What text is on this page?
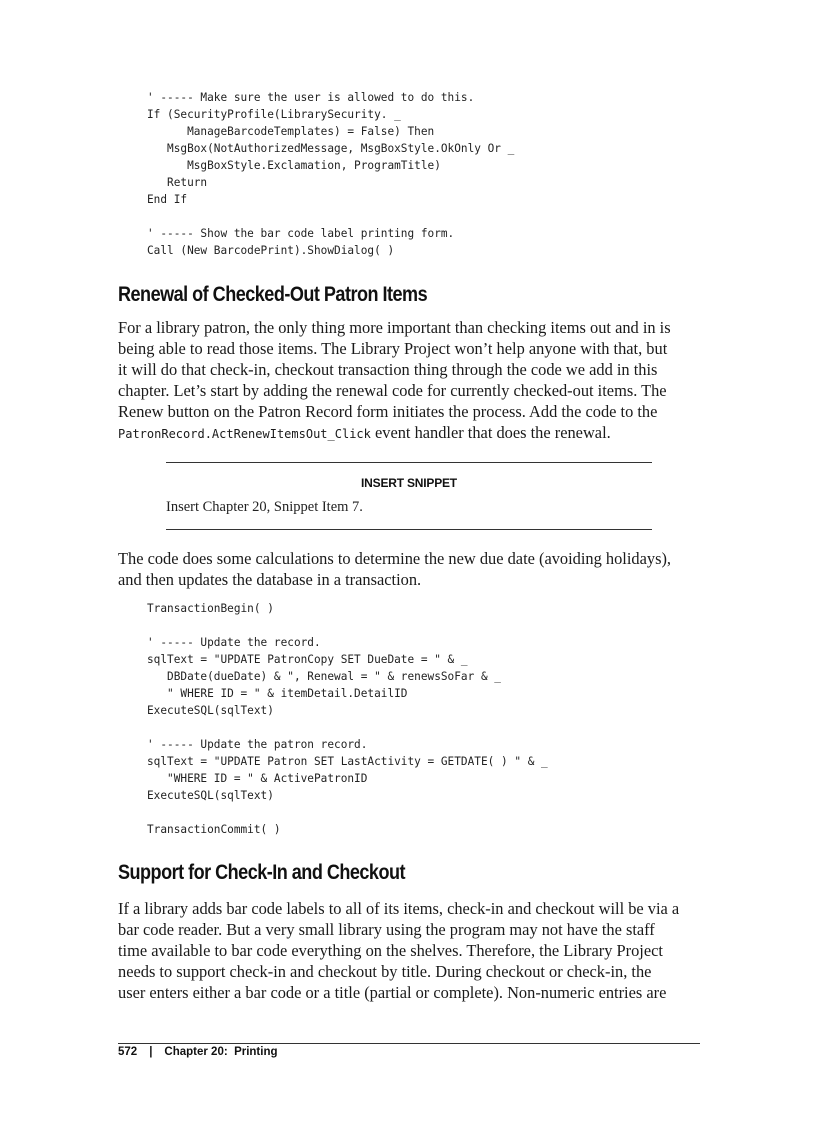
' ----- Make sure the user is allowed to do this.
If (SecurityProfile(LibrarySecurity. _
ManageBarcodeTemplates) = False) Then
MsgBox(NotAuthorizedMessage, MsgBoxStyle.OkOnly Or _
MsgBoxStyle.Exclamation, ProgramTitle)
Return
End If
' ----- Show the bar code label printing form.
Call (New BarcodePrint).ShowDialog( )
Renewal of Checked-Out Patron Items
For a library patron, the only thing more important than checking items out and in is
being able to read those items. The Library Project won’t help anyone with that, but
it will do that check-in, checkout transaction thing through the code we add in this
chapter. Let’s start by adding the renewal code for currently checked-out items. The
Renew button on the Patron Record form initiates the process. Add the code to the
PatronRecord.ActRenewItemsOut_Click event handler that does the renewal.
INSERT SNIPPET
Insert Chapter 20, Snippet Item 7.
The code does some calculations to determine the new due date (avoiding holidays),
and then updates the database in a transaction.
TransactionBegin( )
' ----- Update the record.
sqlText = "UPDATE PatronCopy SET DueDate = " & _
DBDate(dueDate) & ", Renewal = " & renewsSoFar & _
" WHERE ID = " & itemDetail.DetailID
ExecuteSQL(sqlText)
' ----- Update the patron record.
sqlText = "UPDATE Patron SET LastActivity = GETDATE( ) " & _
"WHERE ID = " & ActivePatronID
ExecuteSQL(sqlText)
TransactionCommit( )
Support for Check-In and Checkout
If a library adds bar code labels to all of its items, check-in and checkout will be via a
bar code reader. But a very small library using the program may not have the staff
time available to bar code everything on the shelves. Therefore, the Library Project
needs to support check-in and checkout by title. During checkout or check-in, the
user enters either a bar code or a title (partial or complete). Non-numeric entries are
572 | Chapter 20:  Printing
